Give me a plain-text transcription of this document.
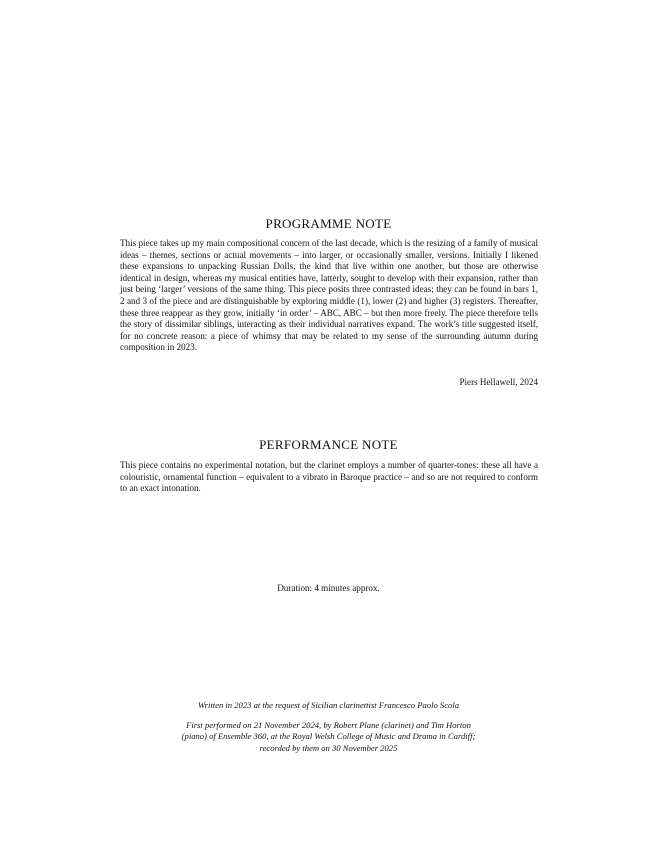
PROGRAMME NOTE

This piece takes up my main compositional concern of the last decade, which is the resizing of a family of musical ideas – themes, sections or actual movements – into larger, or occasionally smaller, versions. Initially I likened these expansions to unpacking Russian Dolls, the kind that live within one another, but those are otherwise identical in design, whereas my musical entities have, latterly, sought to develop with their expansion, rather than just being ‘larger’ versions of the same thing. This piece posits three contrasted ideas; they can be found in bars 1, 2 and 3 of the piece and are distinguishable by exploring middle (1), lower (2) and higher (3) registers. Thereafter, these three reappear as they grow, initially ‘in order’ – ABC, ABC – but then more freely. The piece therefore tells the story of dissimilar siblings, interacting as their individual narratives expand. The work’s title suggested itself, for no concrete reason: a piece of whimsy that may be related to my sense of the surrounding autumn during composition in 2023.

Piers Hellawell, 2024

PERFORMANCE NOTE

This piece contains no experimental notation, but the clarinet employs a number of quarter-tones: these all have a colouristic, ornamental function – equivalent to a vibrato in Baroque practice – and so are not required to conform to an exact intonation.

Duration: 4 minutes approx.

Written in 2023 at the request of Sicilian clarinettist Francesco Paolo Scola

First performed on 21 November 2024, by Robert Plane (clarinet) and Tim Horton (piano) of Ensemble 360, at the Royal Welsh College of Music and Drama in Cardiff; recorded by them on 30 November 2025
